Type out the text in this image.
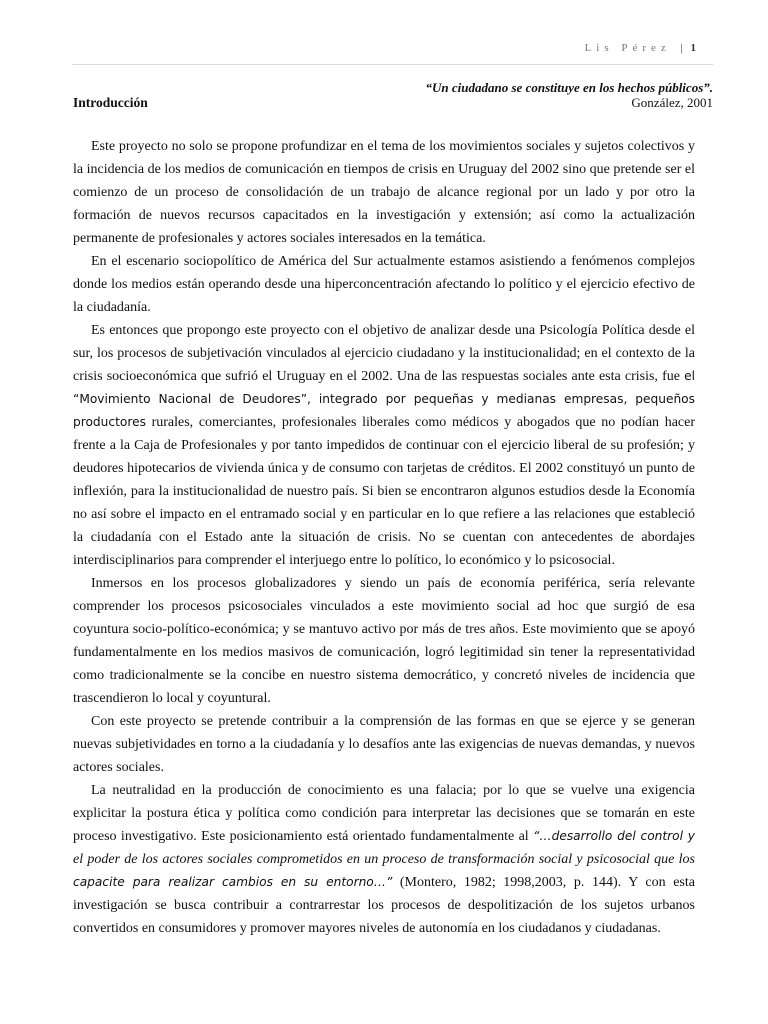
Lis Pérez | 1
“Un ciudadano se constituye en los hechos públicos”.
González, 2001
Introducción

Este proyecto no solo se propone profundizar en el tema de los movimientos sociales y sujetos colectivos y la incidencia de los medios de comunicación en tiempos de crisis en Uruguay del 2002 sino que pretende ser el comienzo de un proceso de consolidación de un trabajo de alcance regional por un lado y por otro la formación de nuevos recursos capacitados en la investigación y extensión; así como la actualización permanente de profesionales y actores sociales interesados en la temática.

En el escenario sociopolítico de América del Sur actualmente estamos asistiendo a fenómenos complejos donde los medios están operando desde una hiperconcentración afectando lo político y el ejercicio efectivo de la ciudadanía.

Es entonces que propongo este proyecto con el objetivo de analizar desde una Psicología Política desde el sur, los procesos de subjetivación vinculados al ejercicio ciudadano y la institucionalidad; en el contexto de la crisis socioeconómica que sufrió el Uruguay en el 2002. Una de las respuestas sociales ante esta crisis, fue el “Movimiento Nacional de Deudores”, integrado por pequeñas y medianas empresas, pequeños productores rurales, comerciantes, profesionales liberales como médicos y abogados que no podían hacer frente a la Caja de Profesionales y por tanto impedidos de continuar con el ejercicio liberal de su profesión; y deudores hipotecarios de vivienda única y de consumo con tarjetas de créditos. El 2002 constituyó un punto de inflexión, para la institucionalidad de nuestro país. Si bien se encontraron algunos estudios desde la Economía no así sobre el impacto en el entramado social y en particular en lo que refiere a las relaciones que estableció la ciudadanía con el Estado ante la situación de crisis. No se cuentan con antecedentes de abordajes interdisciplinarios para comprender el interjuego entre lo político, lo económico y lo psicosocial.

Inmersos en los procesos globalizadores y siendo un país de economía periférica, sería relevante comprender los procesos psicosociales vinculados a este movimiento social ad hoc que surgió de esa coyuntura socio-político-económica; y se mantuvo activo por más de tres años. Este movimiento que se apoyó fundamentalmente en los medios masivos de comunicación, logró legitimidad sin tener la representatividad como tradicionalmente se la concibe en nuestro sistema democrático, y concretó niveles de incidencia que trascendieron lo local y coyuntural.

Con este proyecto se pretende contribuir a la comprensión de las formas en que se ejerce y se generan nuevas subjetividades en torno a la ciudadanía y lo desafíos ante las exigencias de nuevas demandas, y nuevos actores sociales.

La neutralidad en la producción de conocimiento es una falacia; por lo que se vuelve una exigencia explicitar la postura ética y política como condición para interpretar las decisiones que se tomarán en este proceso investigativo. Este posicionamiento está orientado fundamentalmente al “…desarrollo del control y el poder de los actores sociales comprometidos en un proceso de transformación social y psicosocial que los capacite para realizar cambios en su entorno…” (Montero, 1982; 1998,2003, p. 144). Y con esta investigación se busca contribuir a contrarrestar los procesos de despolitización de los sujetos urbanos convertidos en consumidores y promover mayores niveles de autonomía en los ciudadanos y ciudadanas.
